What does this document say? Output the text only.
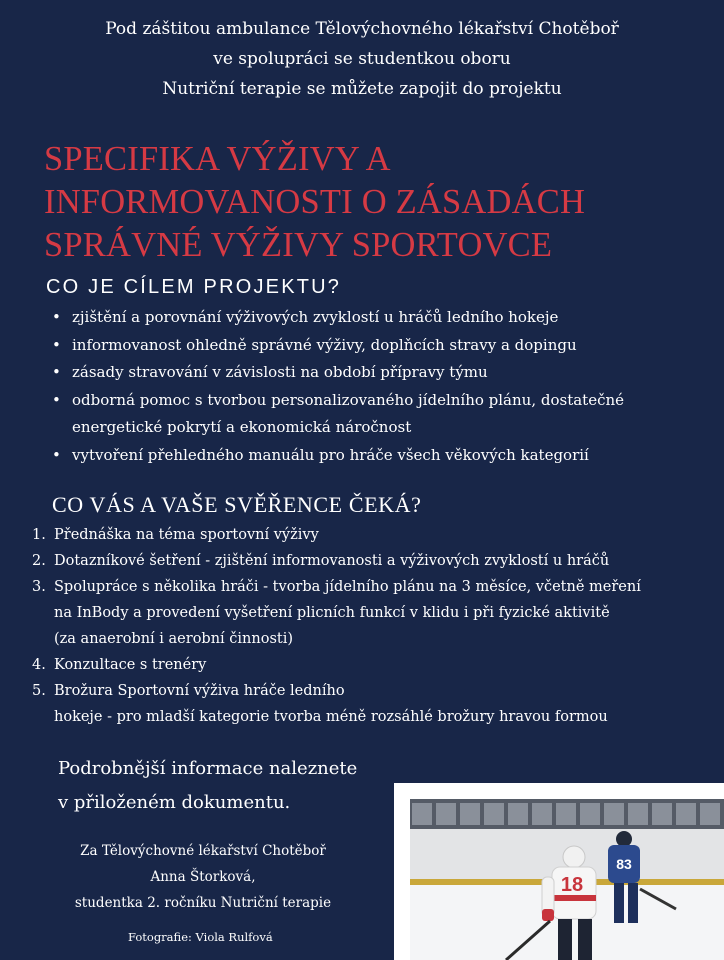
Pod záštitou ambulance Tělovýchovného lékařství Chotěboř
ve spolupráci se studentkou oboru
Nutriční terapie se můžete zapojit do projektu
SPECIFIKA VÝŽIVY A
INFORMOVANOSTI O ZÁSADÁCH
SPRÁVNÉ VÝŽIVY SPORTOVCE
CO JE CÍLEM PROJEKTU?
• zjištění a porovnání výživových zvyklostí u hráčů ledního hokeje
• informovanost ohledně správné výživy, doplňcích stravy a dopingu
• zásady stravování v závislosti na období přípravy týmu
• odborná pomoc s tvorbou personalizovaného jídelního plánu, dostatečné energetické pokrytí a ekonomická náročnost
• vytvoření přehledného manuálu pro hráče všech věkových kategorií
CO VÁS A VAŠE SVĚŘENCE ČEKÁ?
1. Přednáška na téma sportovní výživy
2. Dotazníkové šetření - zjištění informovanosti a výživových zvyklostí u hráčů
3. Spolupráce s několika hráči - tvorba jídelního plánu na 3 měsíce, včetně meření
na InBody a provedení vyšetření plicních funkcí v klidu i při fyzické aktivitě
(za anaerobní i aerobní činnosti)
4. Konzultace s trenéry
5. Brožura Sportovní výživa hráče ledního
hokeje - pro mladší kategorie tvorba méně rozsáhlé brožury hravou formou
Podrobnější informace naleznete
v přiloženém dokumentu.
Za Tělovýchovné lékařství Chotěboř
Anna Štorková,
studentka 2. ročníku Nutriční terapie
Fotografie: Viola Rulfová
83
18
